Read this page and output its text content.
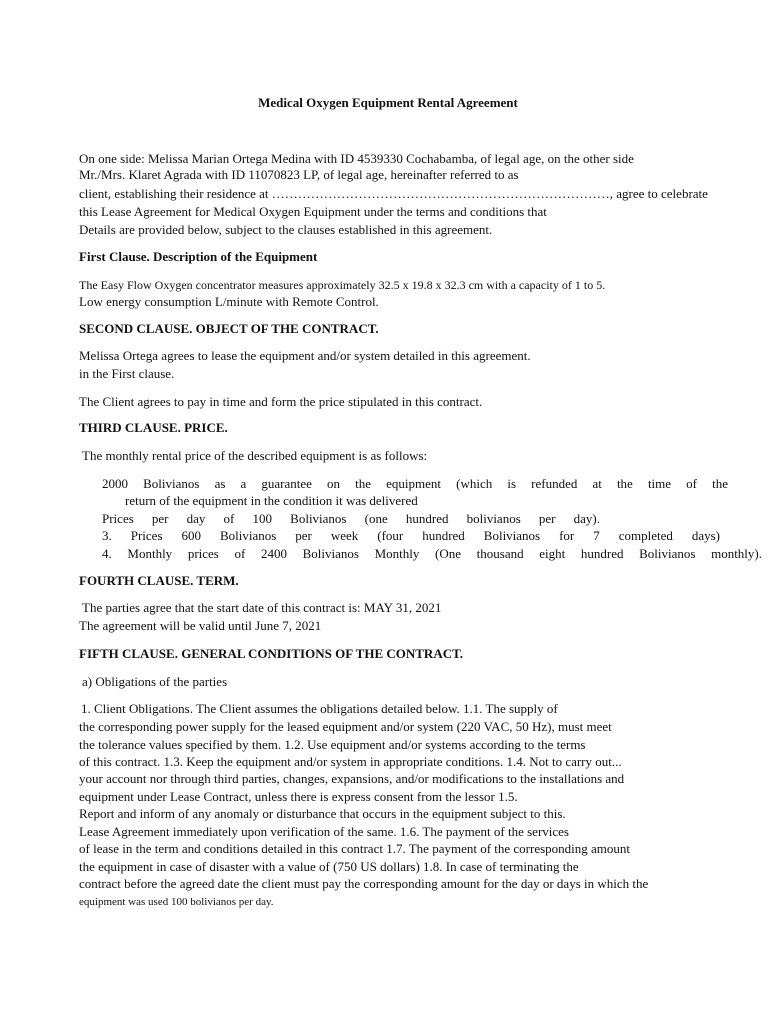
Medical Oxygen Equipment Rental Agreement
On one side: Melissa Marian Ortega Medina with ID 4539330 Cochabamba, of legal age, on the other side
Mr./Mrs. Klaret Agrada with ID 11070823 LP, of legal age, hereinafter referred to as
client, establishing their residence at ……………………………………………………………………, agree to celebrate
this Lease Agreement for Medical Oxygen Equipment under the terms and conditions that
Details are provided below, subject to the clauses established in this agreement.
First Clause. Description of the Equipment
The Easy Flow Oxygen concentrator measures approximately 32.5 x 19.8 x 32.3 cm with a capacity of 1 to 5.
Low energy consumption L/minute with Remote Control.
SECOND CLAUSE. OBJECT OF THE CONTRACT.
Melissa Ortega agrees to lease the equipment and/or system detailed in this agreement.
in the First clause.
The Client agrees to pay in time and form the price stipulated in this contract.
THIRD CLAUSE. PRICE.
The monthly rental price of the described equipment is as follows:
2000 Bolivianos as a guarantee on the equipment (which is refunded at the time of the
return of the equipment in the condition it was delivered
Prices per day of 100 Bolivianos (one hundred bolivianos per day).
3. Prices 600 Bolivianos per week (four hundred Bolivianos for 7 completed days)
4. Monthly prices of 2400 Bolivianos Monthly (One thousand eight hundred Bolivianos monthly).
FOURTH CLAUSE. TERM.
The parties agree that the start date of this contract is: MAY 31, 2021
The agreement will be valid until June 7, 2021
FIFTH CLAUSE. GENERAL CONDITIONS OF THE CONTRACT.
a) Obligations of the parties
1. Client Obligations. The Client assumes the obligations detailed below. 1.1. The supply of
the corresponding power supply for the leased equipment and/or system (220 VAC, 50 Hz), must meet
the tolerance values specified by them. 1.2. Use equipment and/or systems according to the terms
of this contract. 1.3. Keep the equipment and/or system in appropriate conditions. 1.4. Not to carry out...
your account nor through third parties, changes, expansions, and/or modifications to the installations and
equipment under Lease Contract, unless there is express consent from the lessor 1.5.
Report and inform of any anomaly or disturbance that occurs in the equipment subject to this.
Lease Agreement immediately upon verification of the same. 1.6. The payment of the services
of lease in the term and conditions detailed in this contract 1.7. The payment of the corresponding amount
the equipment in case of disaster with a value of (750 US dollars) 1.8. In case of terminating the
contract before the agreed date the client must pay the corresponding amount for the day or days in which the
equipment was used 100 bolivianos per day.
